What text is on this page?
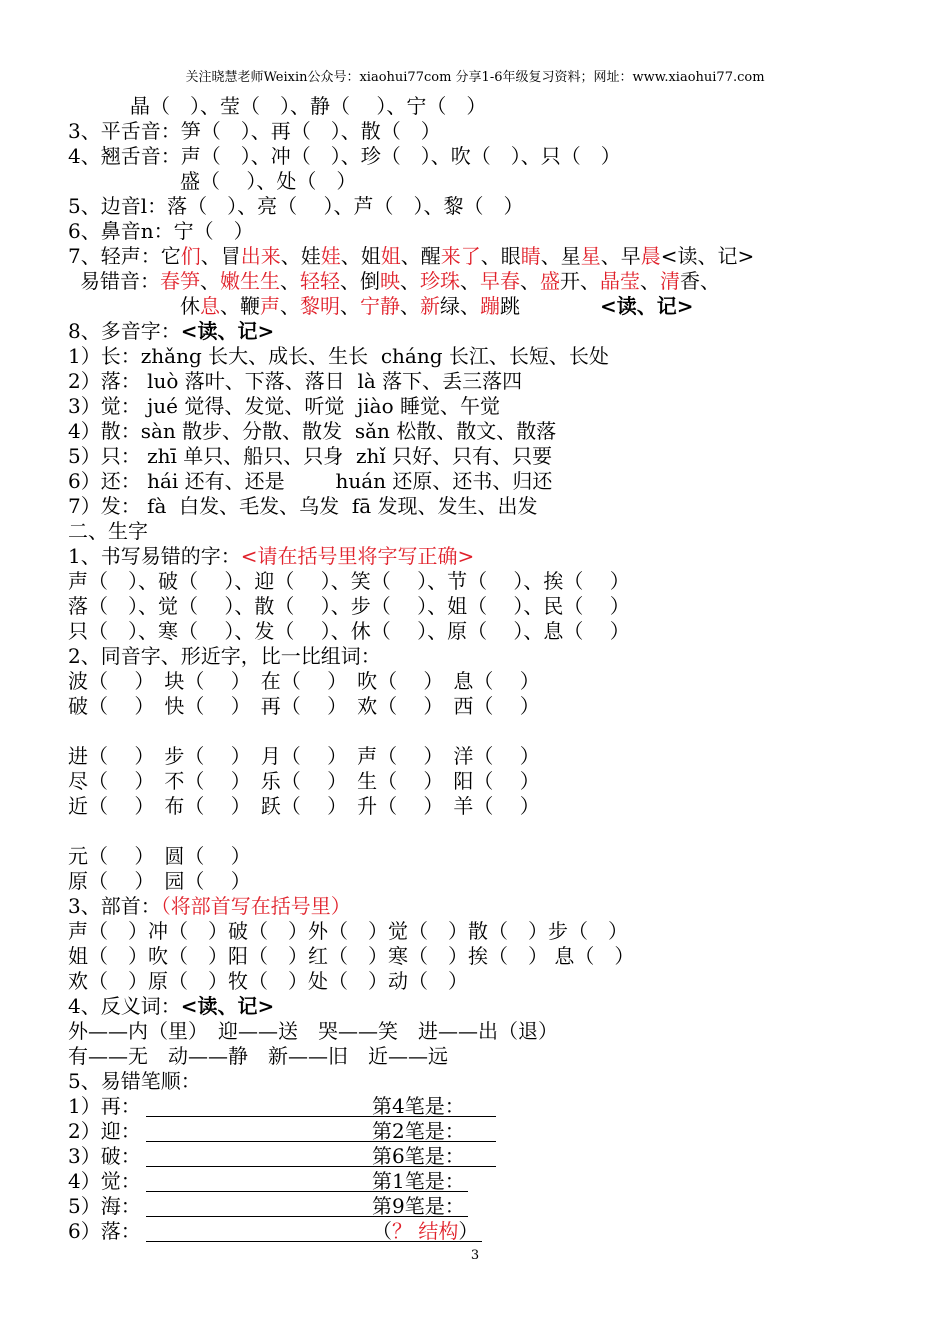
关注晓慧老师Weixin公众号：xiaohui77com 分享1-6年级复习资料；网址：www.xiaohui77.com
晶（　）、莹（　）、静（　 ）、宁（　）
3、平舌音：笋（　）、再（　）、散（　）
4、翘舌音：声（　）、冲（　）、珍（　）、吹（　）、只（　）
盛（　 ）、处（　）
5、边音l：落（　）、亮（　 ）、芦（　）、黎（　）
6、鼻音n：宁（　）
7、轻声：它们、冒出来、娃娃、姐姐、醒来了、眼睛、星星、早晨<读、记>
易错音：春笋、嫩生生、轻轻、倒映、珍珠、早春、盛开、晶莹、清香、
休息、鞭声、黎明、宁静、新绿、蹦跳	<读、记>
8、多音字：<读、记>
1）长：zhǎng 长大、成长、生长  cháng 长江、长短、长处
2）落： luò 落叶、下落、落日  là 落下、丢三落四
3）觉： jué 觉得、发觉、听觉  jiào 睡觉、午觉
4）散：sàn 散步、分散、散发  sǎn 松散、散文、散落
5）只： zhī 单只、船只、只身  zhǐ 只好、只有、只要
6）还： hái 还有、还是        huán 还原、还书、归还
7）发： fà  白发、毛发、乌发  fā 发现、发生、出发
二、生字
1、书写易错的字：<请在括号里将字写正确>
声（　）、破（　 ）、迎（　 ）、笑（　 ）、节（　 ）、挨（　 ）
落（　）、觉（　 ）、散（　 ）、步（　 ）、姐（　 ）、民（　 ）
只（　）、寒（　 ）、发（　 ）、休（　 ）、原（　 ）、息（　 ）
2、同音字、形近字，比一比组词：
波（　 ）　块（　 ）　在（　 ）　吹（　 ）　息（　 ）
破（　 ）　快（　 ）　再（　 ）　欢（　 ）　西（　 ）
进（　 ）　步（　 ）　月（　 ）　声（　 ）　洋（　 ）
尽（　 ）　不（　 ）　乐（　 ）　生（　 ）　阳（　 ）
近（　 ）　布（　 ）　跃（　 ）　升（　 ）　羊（　 ）
元（　 ）　圆（　 ）
原（　 ）　园（　 ）
3、部首：（将部首写在括号里）
声（　）冲（　）破（　）外（　）觉（　）散（　）步（　）
姐（　）吹（　）阳（　）红（　）寒（　）挨（　） 息（　）
欢（　）原（　）牧（　）处（　）动（　）
4、反义词：<读、记>
外——内（里）　迎——送　哭——笑　进——出（退）
有——无　动——静　新——旧　近——远
5、易错笔顺：
1）再：	第4笔是：
2）迎：	第2笔是：
3）破：	第6笔是：
4）觉：	第1笔是：
5）海：	第9笔是：
6）落：	（？ 结构）
3
